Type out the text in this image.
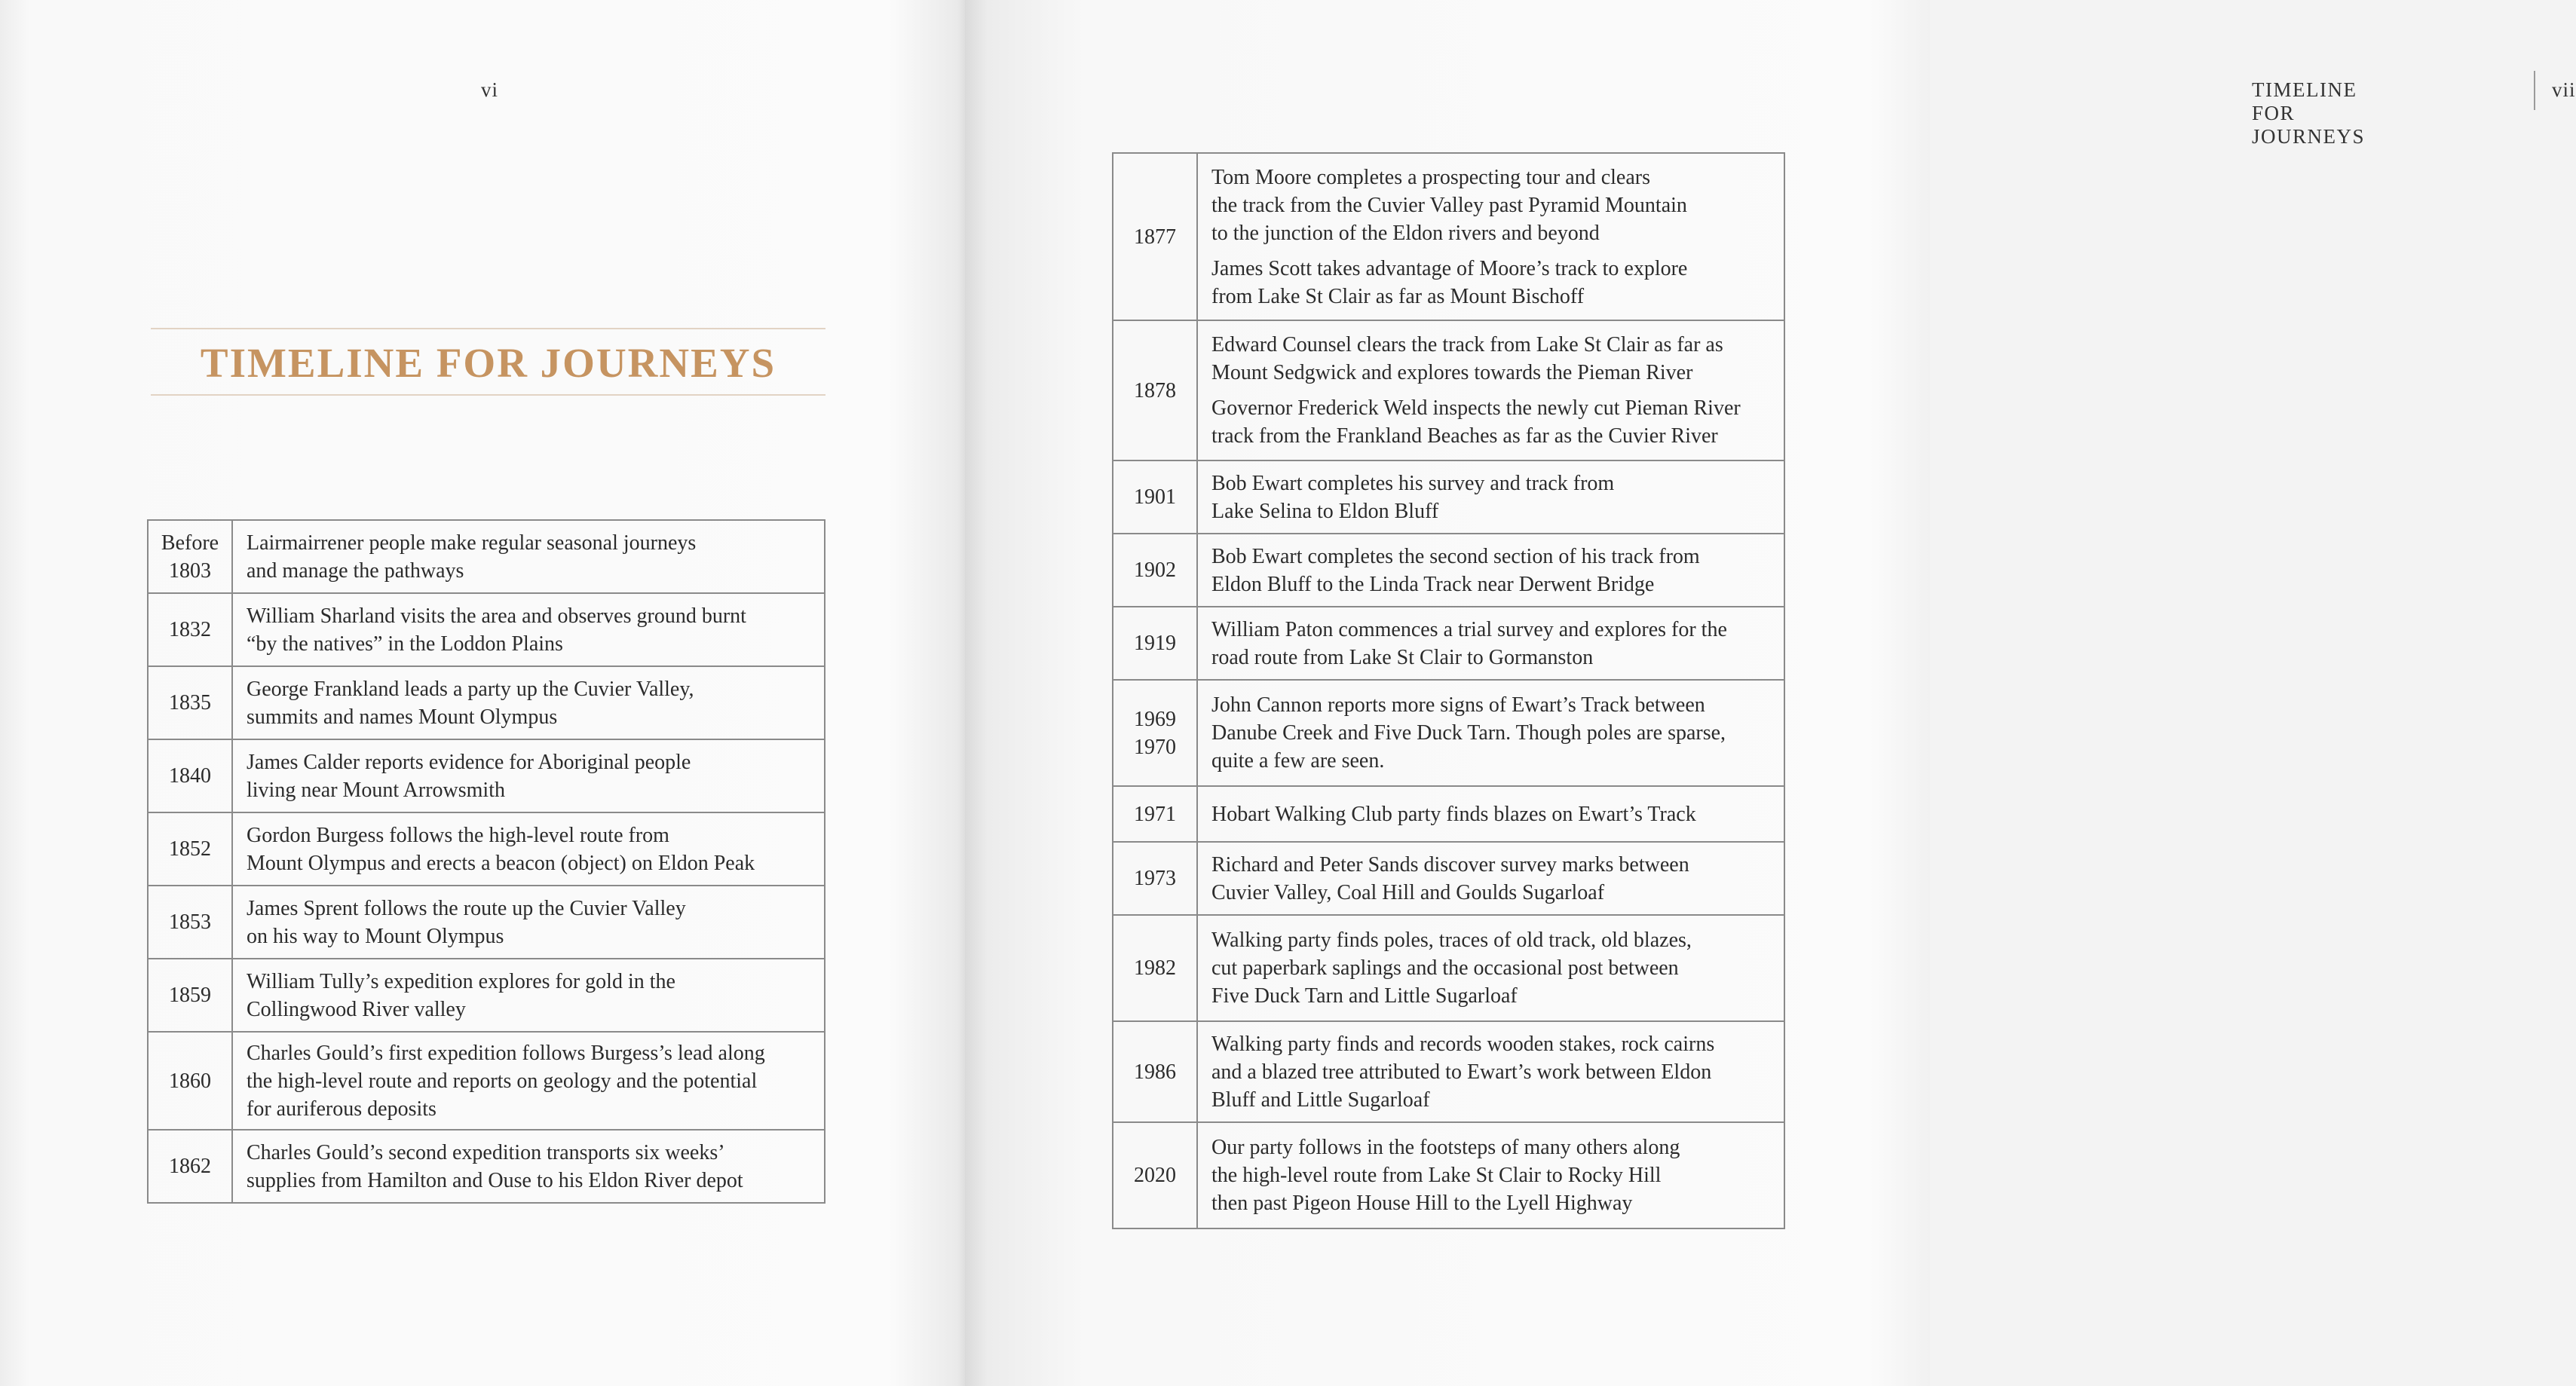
vi
TIMELINE FOR JOURNEYS
TIMELINE FOR JOURNEYS
vii
Before
1803	Lairmairrener people make regular seasonal journeys
and manage the pathways

1832	William Sharland visits the area and observes ground burnt
“by the natives” in the Loddon Plains

1835	George Frankland leads a party up the Cuvier Valley,
summits and names Mount Olympus

1840	James Calder reports evidence for Aboriginal people
living near Mount Arrowsmith

1852	Gordon Burgess follows the high-level route from
Mount Olympus and erects a beacon (object) on Eldon Peak

1853	James Sprent follows the route up the Cuvier Valley
on his way to Mount Olympus

1859	William Tully’s expedition explores for gold in the
Collingwood River valley

1860	Charles Gould’s first expedition follows Burgess’s lead along
the high-level route and reports on geology and the potential
for auriferous deposits

1862	Charles Gould’s second expedition transports six weeks’
supplies from Hamilton and Ouse to his Eldon River depot

1877	Tom Moore completes a prospecting tour and clears
the track from the Cuvier Valley past Pyramid Mountain
to the junction of the Eldon rivers and beyond

James Scott takes advantage of Moore’s track to explore
from Lake St Clair as far as Mount Bischoff

1878	Edward Counsel clears the track from Lake St Clair as far as
Mount Sedgwick and explores towards the Pieman River

Governor Frederick Weld inspects the newly cut Pieman River
track from the Frankland Beaches as far as the Cuvier River

1901	Bob Ewart completes his survey and track from
Lake Selina to Eldon Bluff

1902	Bob Ewart completes the second section of his track from
Eldon Bluff to the Linda Track near Derwent Bridge

1919	William Paton commences a trial survey and explores for the
road route from Lake St Clair to Gormanston

1969
1970	John Cannon reports more signs of Ewart’s Track between
Danube Creek and Five Duck Tarn. Though poles are sparse,
quite a few are seen.

1971	Hobart Walking Club party finds blazes on Ewart’s Track

1973	Richard and Peter Sands discover survey marks between
Cuvier Valley, Coal Hill and Goulds Sugarloaf

1982	Walking party finds poles, traces of old track, old blazes,
cut paperbark saplings and the occasional post between
Five Duck Tarn and Little Sugarloaf

1986	Walking party finds and records wooden stakes, rock cairns
and a blazed tree attributed to Ewart’s work between Eldon
Bluff and Little Sugarloaf

2020	Our party follows in the footsteps of many others along
the high-level route from Lake St Clair to Rocky Hill
then past Pigeon House Hill to the Lyell Highway
